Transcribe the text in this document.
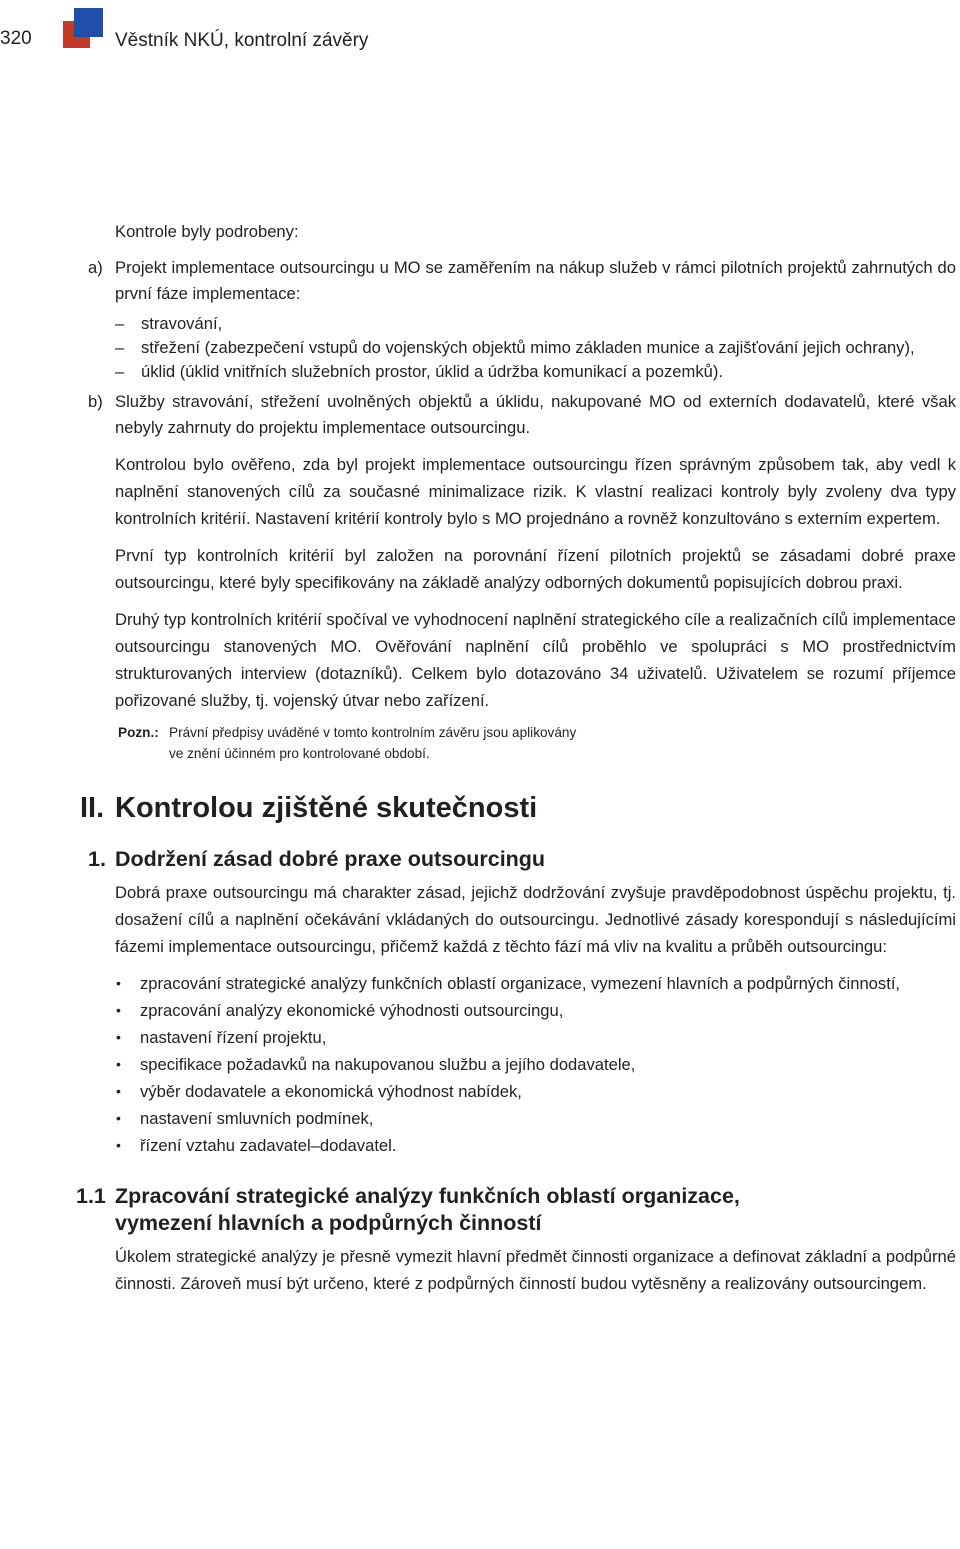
320	Věstník NKÚ, kontrolní závěry

Kontrole byly podrobeny:

a) Projekt implementace outsourcingu u MO se zaměřením na nákup služeb v rámci pilotních projektů zahrnutých do první fáze implementace:
– stravování,
– střežení (zabezpečení vstupů do vojenských objektů mimo základen munice a zajišťování jejich ochrany),
– úklid (úklid vnitřních služebních prostor, úklid a údržba komunikací a pozemků).
b) Služby stravování, střežení uvolněných objektů a úklidu, nakupované MO od externích dodavatelů, které však nebyly zahrnuty do projektu implementace outsourcingu.

Kontrolou bylo ověřeno, zda byl projekt implementace outsourcingu řízen správným způsobem tak, aby vedl k naplnění stanovených cílů za současné minimalizace rizik. K vlastní realizaci kontroly byly zvoleny dva typy kontrolních kritérií. Nastavení kritérií kontroly bylo s MO projednáno a rovněž konzultováno s externím expertem.

První typ kontrolních kritérií byl založen na porovnání řízení pilotních projektů se zásadami dobré praxe outsourcingu, které byly specifikovány na základě analýzy odborných dokumentů popisujících dobrou praxi.

Druhý typ kontrolních kritérií spočíval ve vyhodnocení naplnění strategického cíle a realizačních cílů implementace outsourcingu stanovených MO. Ověřování naplnění cílů proběhlo ve spolupráci s MO prostřednictvím strukturovaných interview (dotazníků). Celkem bylo dotazováno 34 uživatelů. Uživatelem se rozumí příjemce pořizované služby, tj. vojenský útvar nebo zařízení.

Pozn.: Právní předpisy uváděné v tomto kontrolním závěru jsou aplikovány
ve znění účinném pro kontrolované období.
II. Kontrolou zjištěné skutečnosti
1. Dodržení zásad dobré praxe outsourcingu

Dobrá praxe outsourcingu má charakter zásad, jejichž dodržování zvyšuje pravděpodobnost úspěchu projektu, tj. dosažení cílů a naplnění očekávání vkládaných do outsourcingu. Jednotlivé zásady korespondují s následujícími fázemi implementace outsourcingu, přičemž každá z těchto fází má vliv na kvalitu a průběh outsourcingu:

• zpracování strategické analýzy funkčních oblastí organizace, vymezení hlavních a podpůrných činností,
• zpracování analýzy ekonomické výhodnosti outsourcingu,
• nastavení řízení projektu,
• specifikace požadavků na nakupovanou službu a jejího dodavatele,
• výběr dodavatele a ekonomická výhodnost nabídek,
• nastavení smluvních podmínek,
• řízení vztahu zadavatel–dodavatel.
1.1 Zpracování strategické analýzy funkčních oblastí organizace,
vymezení hlavních a podpůrných činností

Úkolem strategické analýzy je přesně vymezit hlavní předmět činnosti organizace a definovat základní a podpůrné činnosti. Zároveň musí být určeno, které z podpůrných činností budou vytěsněny a realizovány outsourcingem.
